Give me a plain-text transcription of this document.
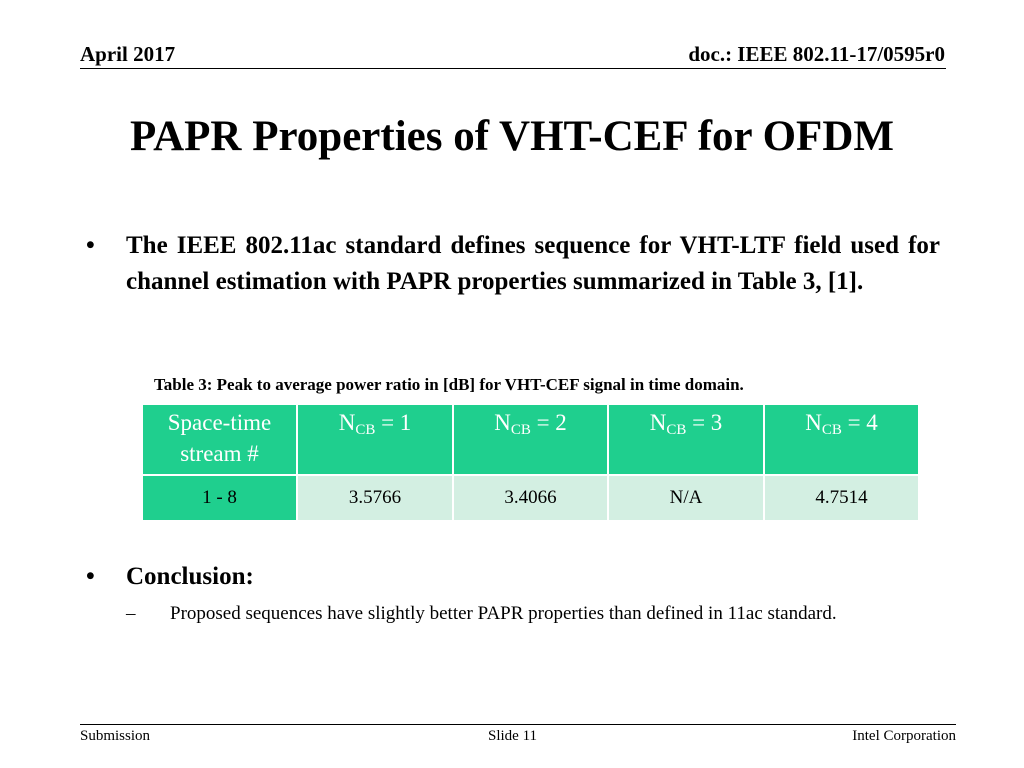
April 2017	doc.: IEEE 802.11-17/0595r0
PAPR Properties of VHT-CEF for OFDM
• The IEEE 802.11ac standard defines sequence for VHT-LTF field used for channel estimation with PAPR properties summarized in Table 3, [1].
Table 3: Peak to average power ratio in [dB] for VHT-CEF signal in time domain.
Space-time stream #	$N_{CB} = 1$	$N_{CB} = 2$	$N_{CB} = 3$	$N_{CB} = 4$
1 - 8	3.5766	3.4066	N/A	4.7514
• Conclusion:
– Proposed sequences have slightly better PAPR properties than defined in 11ac standard.
Submission	Slide 11	Intel Corporation
